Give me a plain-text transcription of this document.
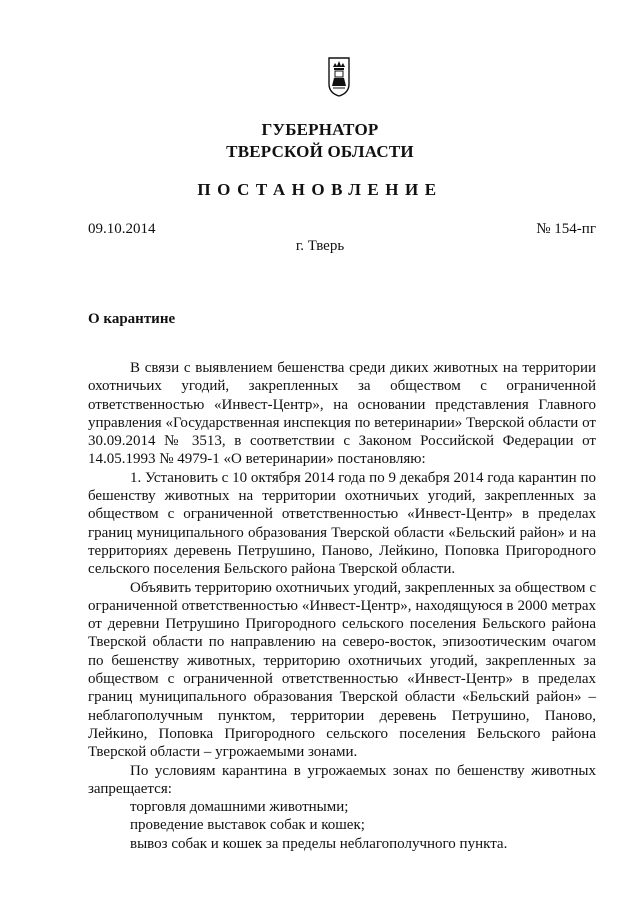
ГУБЕРНАТОР
ТВЕРСКОЙ ОБЛАСТИ
ПОСТАНОВЛЕНИЕ
09.10.2014	№ 154-пг
г. Тверь
О карантине

В связи с выявлением бешенства среди диких животных на территории охотничьих угодий, закрепленных за обществом с ограниченной ответственностью «Инвест-Центр», на основании представления Главного управления «Государственная инспекция по ветеринарии» Тверской области от 30.09.2014 № 3513, в соответствии с Законом Российской Федерации от 14.05.1993 № 4979-1 «О ветеринарии» постановляю:

1. Установить с 10 октября 2014 года по 9 декабря 2014 года карантин по бешенству животных на территории охотничьих угодий, закрепленных за обществом с ограниченной ответственностью «Инвест-Центр» в пределах границ муниципального образования Тверской области «Бельский район» и на территориях деревень Петрушино, Паново, Лейкино, Поповка Пригородного сельского поселения Бельского района Тверской области.

Объявить территорию охотничьих угодий, закрепленных за обществом с ограниченной ответственностью «Инвест-Центр», находящуюся в 2000 метрах от деревни Петрушино Пригородного сельского поселения Бельского района Тверской области по направлению на северо-восток, эпизоотическим очагом по бешенству животных, территорию охотничьих угодий, закрепленных за обществом с ограниченной ответственностью «Инвест-Центр» в пределах границ муниципального образования Тверской области «Бельский район» – неблагополучным пунктом, территории деревень Петрушино, Паново, Лейкино, Поповка Пригородного сельского поселения Бельского района Тверской области – угрожаемыми зонами.

По условиям карантина в угрожаемых зонах по бешенству животных запрещается:

торговля домашними животными;

проведение выставок собак и кошек;

вывоз собак и кошек за пределы неблагополучного пункта.
